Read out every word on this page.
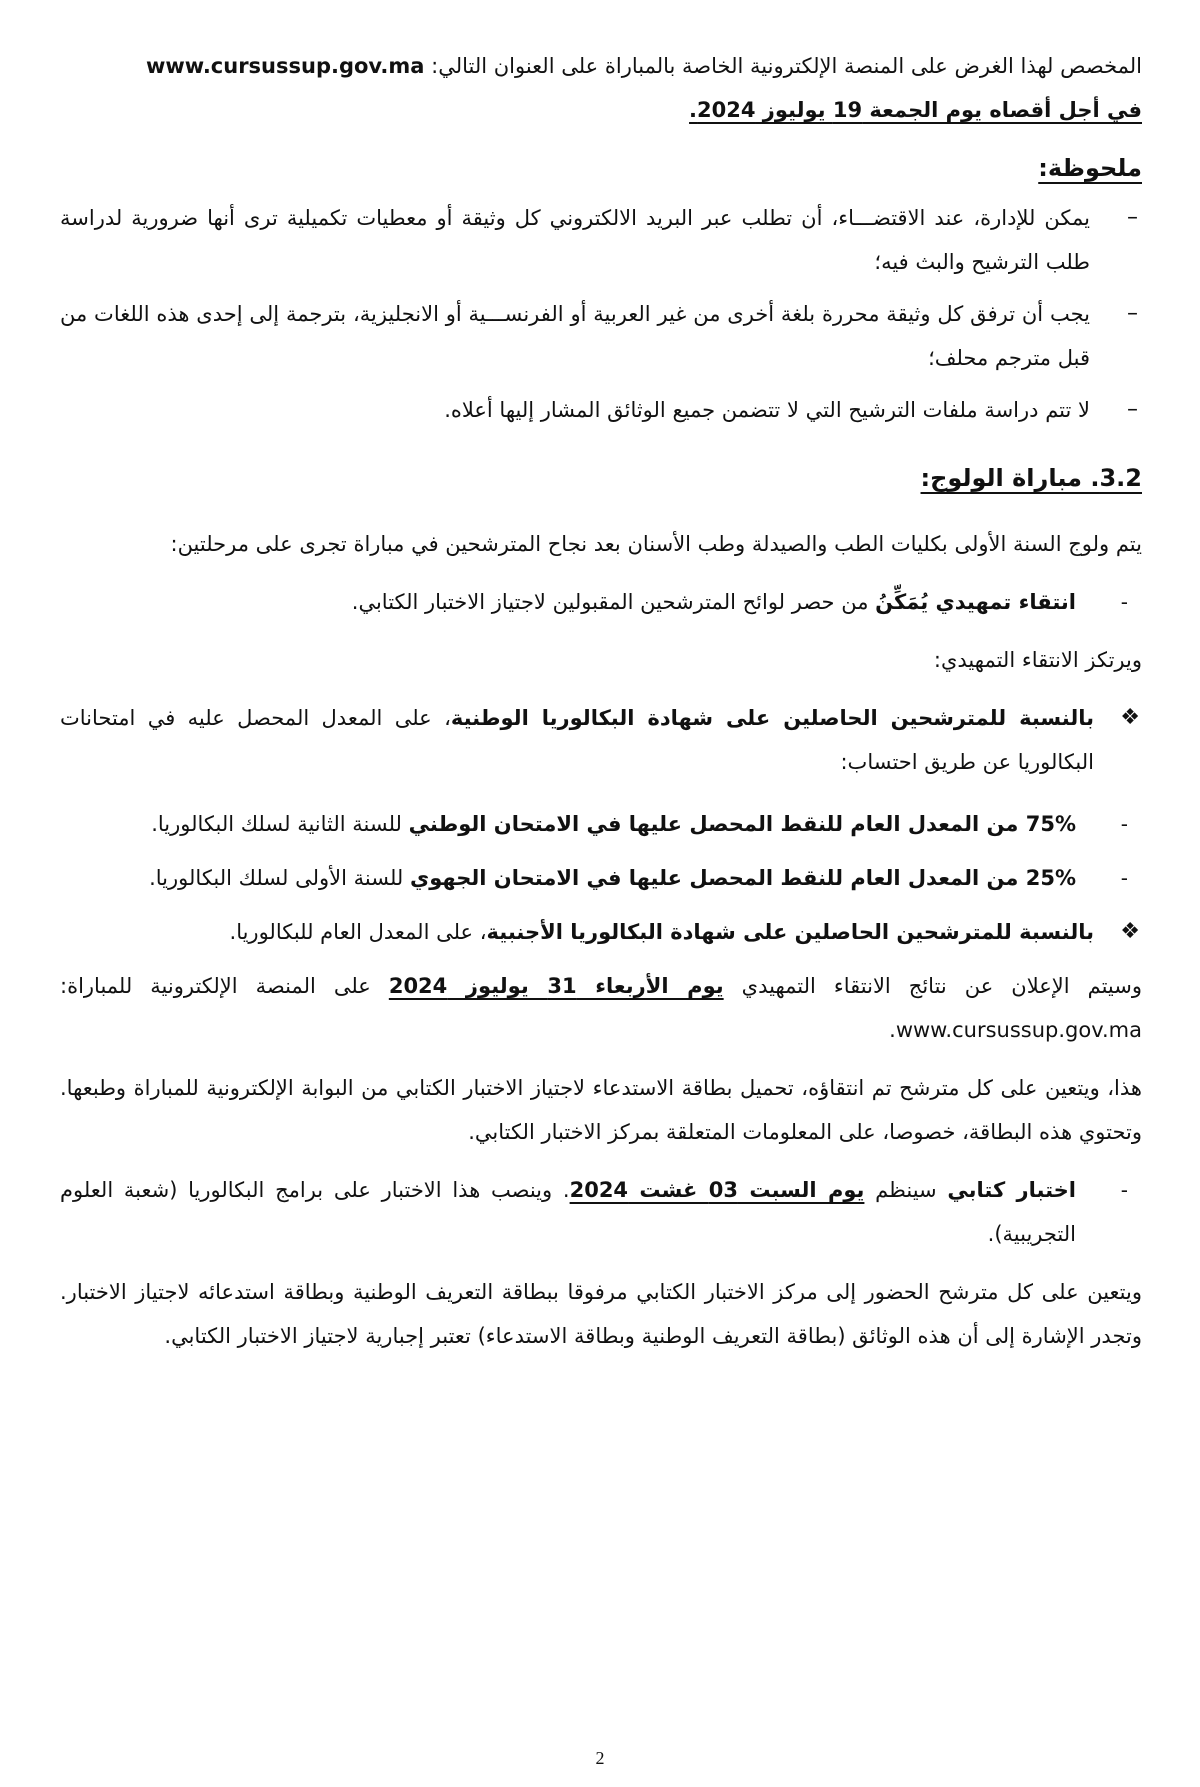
المخصص لهذا الغرض على المنصة الإلكترونية الخاصة بالمباراة على العنوان التالي: www.cursussup.gov.ma

في أجل أقصاه يوم الجمعة 19 يوليوز 2024.

ملحوظة:

–
يمكن للإدارة، عند الاقتضـــاء، أن تطلب عبر البريد الالكتروني كل وثيقة أو معطيات تكميلية ترى أنها ضرورية لدراسة طلب الترشيح والبث فيه؛

–
يجب أن ترفق كل وثيقة محررة بلغة أخرى من غير العربية أو الفرنســـية أو الانجليزية، بترجمة إلى إحدى هذه اللغات من قبل مترجم محلف؛

–
لا تتم دراسة ملفات الترشيح التي لا تتضمن جميع الوثائق المشار إليها أعلاه.

3.2. مباراة الولوج:

يتم ولوج السنة الأولى بكليات الطب والصيدلة وطب الأسنان بعد نجاح المترشحين في مباراة تجرى على مرحلتين:

-
انتقاء تمهيدي يُمَكِّنُ من حصر لوائح المترشحين المقبولين لاجتياز الاختبار الكتابي.

ويرتكز الانتقاء التمهيدي:

❖
بالنسبة للمترشحين الحاصلين على شهادة البكالوريا الوطنية، على المعدل المحصل عليه في امتحانات البكالوريا عن طريق احتساب:

-
75% من المعدل العام للنقط المحصل عليها في الامتحان الوطني للسنة الثانية لسلك البكالوريا.

-
25% من المعدل العام للنقط المحصل عليها في الامتحان الجهوي للسنة الأولى لسلك البكالوريا.

❖
بالنسبة للمترشحين الحاصلين على شهادة البكالوريا الأجنبية، على المعدل العام للبكالوريا.

وسيتم الإعلان عن نتائج الانتقاء التمهيدي يوم الأربعاء 31 يوليوز 2024 على المنصة الإلكترونية للمباراة: www.cursussup.gov.ma.

هذا، ويتعين على كل مترشح تم انتقاؤه، تحميل بطاقة الاستدعاء لاجتياز الاختبار الكتابي من البوابة الإلكترونية للمباراة وطبعها. وتحتوي هذه البطاقة، خصوصا، على المعلومات المتعلقة بمركز الاختبار الكتابي.

-
اختبار كتابي سينظم يوم السبت 03 غشت 2024. وينصب هذا الاختبار على برامج البكالوريا (شعبة العلوم التجريبية).

ويتعين على كل مترشح الحضور إلى مركز الاختبار الكتابي مرفوقا ببطاقة التعريف الوطنية وبطاقة استدعائه لاجتياز الاختبار. وتجدر الإشارة إلى أن هذه الوثائق (بطاقة التعريف الوطنية وبطاقة الاستدعاء) تعتبر إجبارية لاجتياز الاختبار الكتابي.

2
